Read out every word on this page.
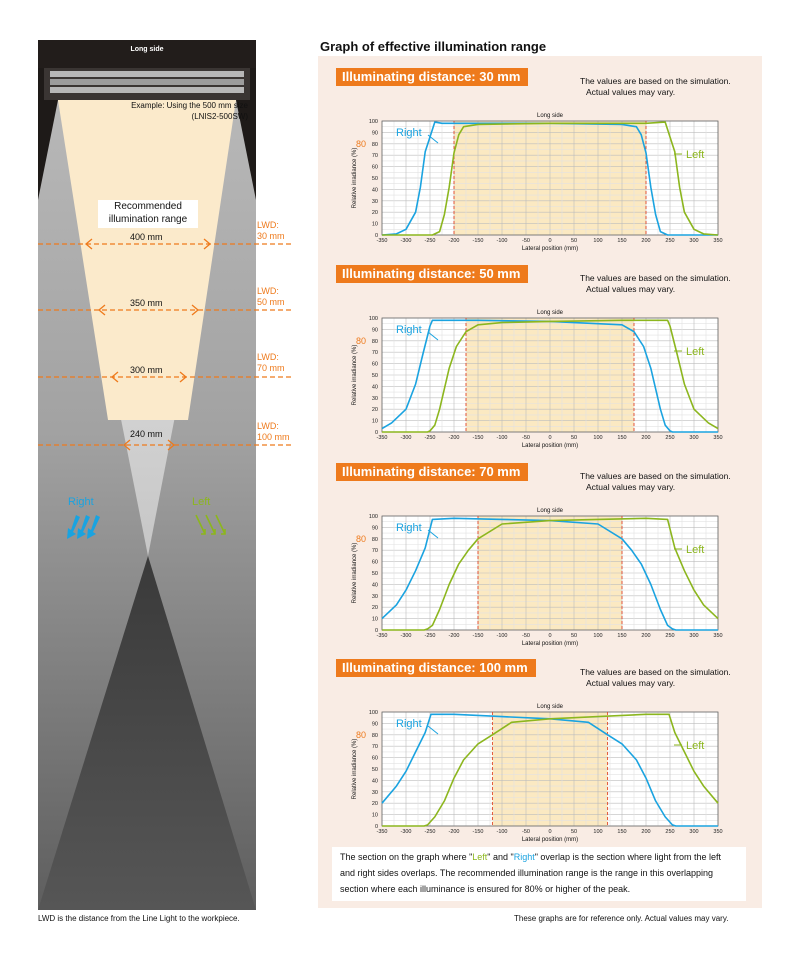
Long side
Example: Using the 500 mm size
(LNIS2-500SW)
Recommended
illumination range
Right	Left
400 mm
350 mm
300 mm
240 mm
LWD:
30 mm
LWD:
50 mm
LWD:
70 mm
LWD:
100 mm
Graph of effective illumination range
0
10
20
30
40
50
60
70
80
90
100
-350 -300 -250 -200 -150 -100	-50	0	50	100	150	200	250	300	350
80
Long side
Lateral position (mm)
Relative irradiance (%)
Right
Left
Illuminating distance: 30 mm	The values are based on the simulation.
Actual values may vary.
0
10
20
30
40
50
60
70
80
90
100
-350 -300 -250 -200 -150 -100	-50	0	50	100	150	200	250	300	350
80
Long side
Lateral position (mm)
Relative irradiance (%)
Right
Left
Illuminating distance: 50 mm	The values are based on the simulation.
Actual values may vary.
0
10
20
30
40
50
60
70
80
90
100
-350 -300 -250 -200 -150 -100	-50	0	50	100	150	200	250	300	350
80
Long side
Lateral position (mm)
Relative irradiance (%)
Right
Left
Illuminating distance: 70 mm	The values are based on the simulation.
Actual values may vary.
0
10
20
30
40
50
60
70
80
90
100
-350 -300 -250 -200 -150 -100	-50	0	50	100	150	200	250	300	350
80
Long side
Lateral position (mm)
Relative irradiance (%)
Right
Left
Illuminating distance: 100 mm	The values are based on the simulation.
Actual values may vary.
The section on the graph where "Left" and "Right" overlap is the section where light from the left and right sides overlaps. The recommended illumination range is the range in this overlapping section where each illuminance is ensured for 80% or higher of the peak.
LWD is the distance from the Line Light to the workpiece.	These graphs are for reference only. Actual values may vary.
